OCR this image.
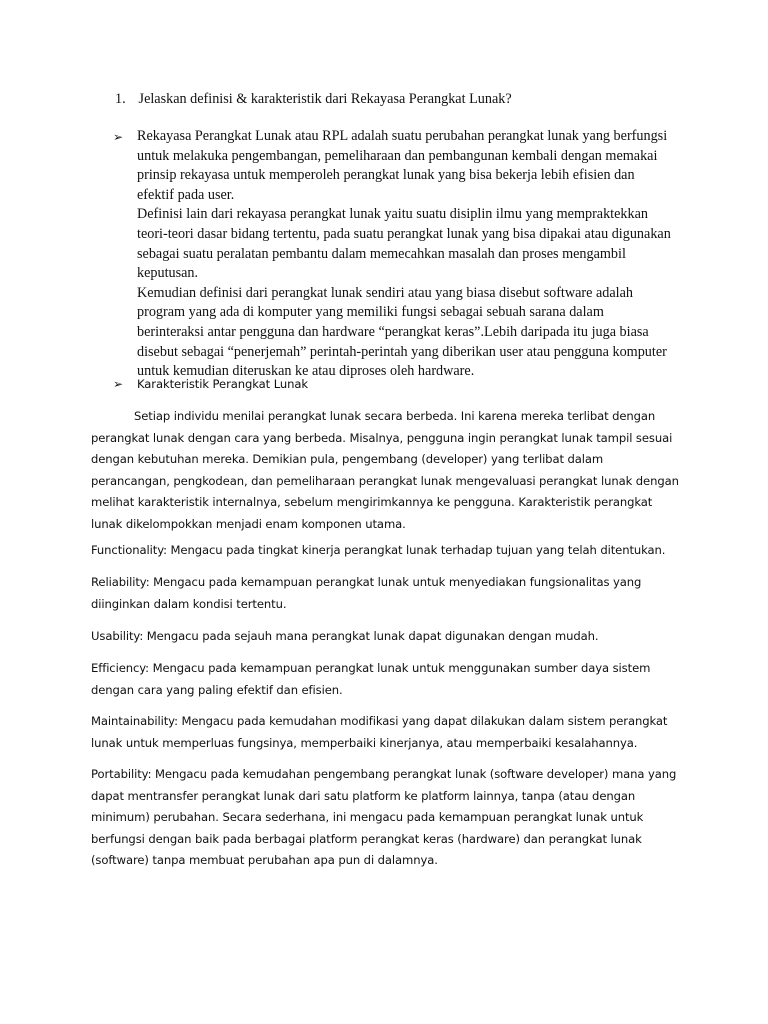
1. Jelaskan definisi & karakteristik dari Rekayasa Perangkat Lunak?
➢ Rekayasa Perangkat Lunak atau RPL adalah suatu perubahan perangkat lunak yang berfungsi untuk melakuka pengembangan, pemeliharaan dan pembangunan kembali dengan memakai prinsip rekayasa untuk memperoleh perangkat lunak yang bisa bekerja lebih efisien dan efektif pada user.

Definisi lain dari rekayasa perangkat lunak yaitu suatu disiplin ilmu yang mempraktekkan teori-teori dasar bidang tertentu, pada suatu perangkat lunak yang bisa dipakai atau digunakan sebagai suatu peralatan pembantu dalam memecahkan masalah dan proses mengambil keputusan.

Kemudian definisi dari perangkat lunak sendiri atau yang biasa disebut software adalah program yang ada di komputer yang memiliki fungsi sebagai sebuah sarana dalam berinteraksi antar pengguna dan hardware “perangkat keras”.Lebih daripada itu juga biasa disebut sebagai “penerjemah” perintah-perintah yang diberikan user atau pengguna komputer untuk kemudian diteruskan ke atau diproses oleh hardware.

➢ Karakteristik Perangkat Lunak

Setiap individu menilai perangkat lunak secara berbeda. Ini karena mereka terlibat dengan perangkat lunak dengan cara yang berbeda. Misalnya, pengguna ingin perangkat lunak tampil sesuai dengan kebutuhan mereka. Demikian pula, pengembang (developer) yang terlibat dalam perancangan, pengkodean, dan pemeliharaan perangkat lunak mengevaluasi perangkat lunak dengan melihat karakteristik internalnya, sebelum mengirimkannya ke pengguna. Karakteristik perangkat lunak dikelompokkan menjadi enam komponen utama.

Functionality: Mengacu pada tingkat kinerja perangkat lunak terhadap tujuan yang telah ditentukan.

Reliability: Mengacu pada kemampuan perangkat lunak untuk menyediakan fungsionalitas yang diinginkan dalam kondisi tertentu.

Usability: Mengacu pada sejauh mana perangkat lunak dapat digunakan dengan mudah.

Efficiency: Mengacu pada kemampuan perangkat lunak untuk menggunakan sumber daya sistem dengan cara yang paling efektif dan efisien.

Maintainability: Mengacu pada kemudahan modifikasi yang dapat dilakukan dalam sistem perangkat lunak untuk memperluas fungsinya, memperbaiki kinerjanya, atau memperbaiki kesalahannya.

Portability: Mengacu pada kemudahan pengembang perangkat lunak (software developer) mana yang dapat mentransfer perangkat lunak dari satu platform ke platform lainnya, tanpa (atau dengan minimum) perubahan. Secara sederhana, ini mengacu pada kemampuan perangkat lunak untuk berfungsi dengan baik pada berbagai platform perangkat keras (hardware) dan perangkat lunak (software) tanpa membuat perubahan apa pun di dalamnya.
